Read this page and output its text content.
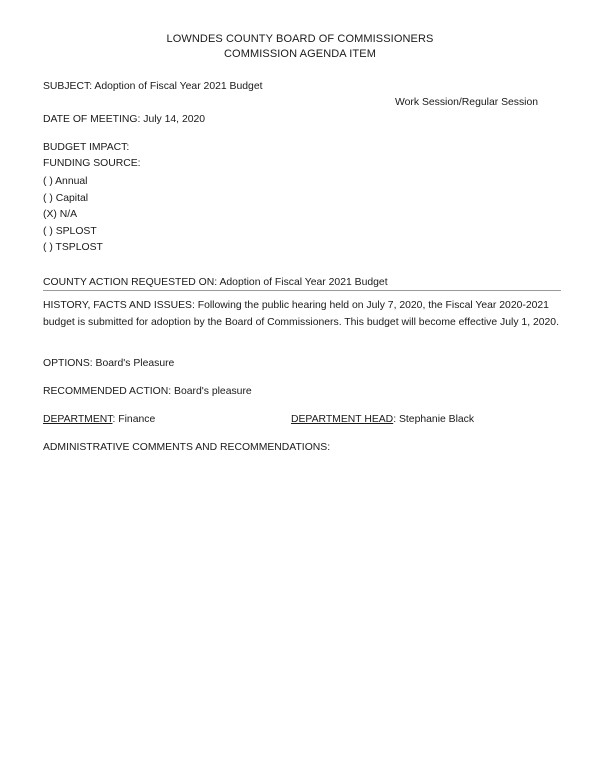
LOWNDES COUNTY BOARD OF COMMISSIONERS
COMMISSION AGENDA ITEM
SUBJECT: Adoption of Fiscal Year 2021 Budget
Work Session/Regular Session
DATE OF MEETING: July 14, 2020
BUDGET IMPACT:
FUNDING SOURCE:
( ) Annual
( ) Capital
(X) N/A
( ) SPLOST
( ) TSPLOST
COUNTY ACTION REQUESTED ON: Adoption of Fiscal Year 2021 Budget
HISTORY, FACTS AND ISSUES: Following the public hearing held on July 7, 2020, the Fiscal Year 2020-2021 budget is submitted for adoption by the Board of Commissioners. This budget will become effective July 1, 2020.
OPTIONS: Board's Pleasure
RECOMMENDED ACTION: Board's pleasure
DEPARTMENT: Finance	DEPARTMENT HEAD: Stephanie Black
ADMINISTRATIVE COMMENTS AND RECOMMENDATIONS:
